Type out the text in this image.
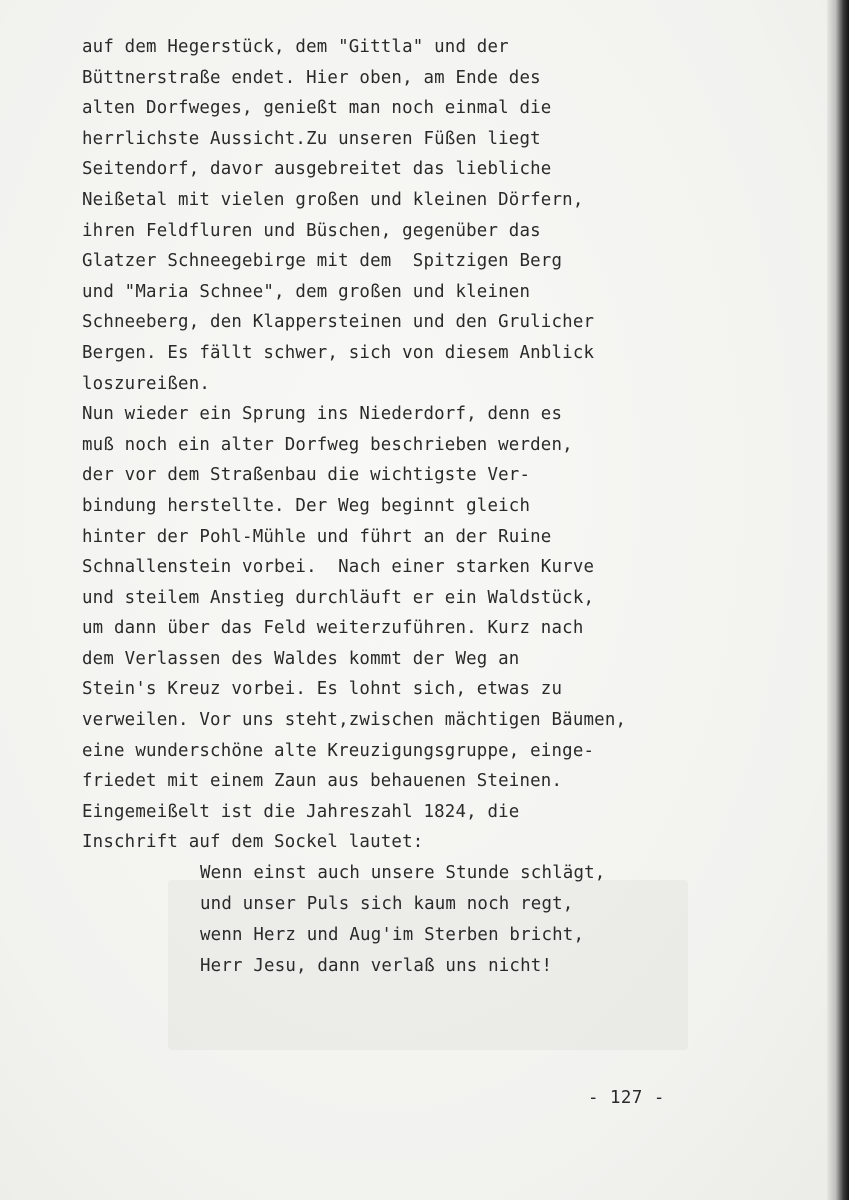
auf dem Hegerstück, dem "Gittla" und der
Büttnerstraße endet. Hier oben, am Ende des
alten Dorfweges, genießt man noch einmal die
herrlichste Aussicht.Zu unseren Füßen liegt
Seitendorf, davor ausgebreitet das liebliche
Neißetal mit vielen großen und kleinen Dörfern,
ihren Feldfluren und Büschen, gegenüber das
Glatzer Schneegebirge mit dem  Spitzigen Berg
und "Maria Schnee", dem großen und kleinen
Schneeberg, den Klappersteinen und den Grulicher
Bergen. Es fällt schwer, sich von diesem Anblick
loszureißen.
Nun wieder ein Sprung ins Niederdorf, denn es
muß noch ein alter Dorfweg beschrieben werden,
der vor dem Straßenbau die wichtigste Ver-
bindung herstellte. Der Weg beginnt gleich
hinter der Pohl-Mühle und führt an der Ruine
Schnallenstein vorbei.  Nach einer starken Kurve
und steilem Anstieg durchläuft er ein Waldstück,
um dann über das Feld weiterzuführen. Kurz nach
dem Verlassen des Waldes kommt der Weg an
Stein's Kreuz vorbei. Es lohnt sich, etwas zu
verweilen. Vor uns steht,zwischen mächtigen Bäumen,
eine wunderschöne alte Kreuzigungsgruppe, einge-
friedet mit einem Zaun aus behauenen Steinen.
Eingemeißelt ist die Jahreszahl 1824, die
Inschrift auf dem Sockel lautet:
Wenn einst auch unsere Stunde schlägt,
und unser Puls sich kaum noch regt,
wenn Herz und Aug'im Sterben bricht,
Herr Jesu, dann verlaß uns nicht!
- 127 -
